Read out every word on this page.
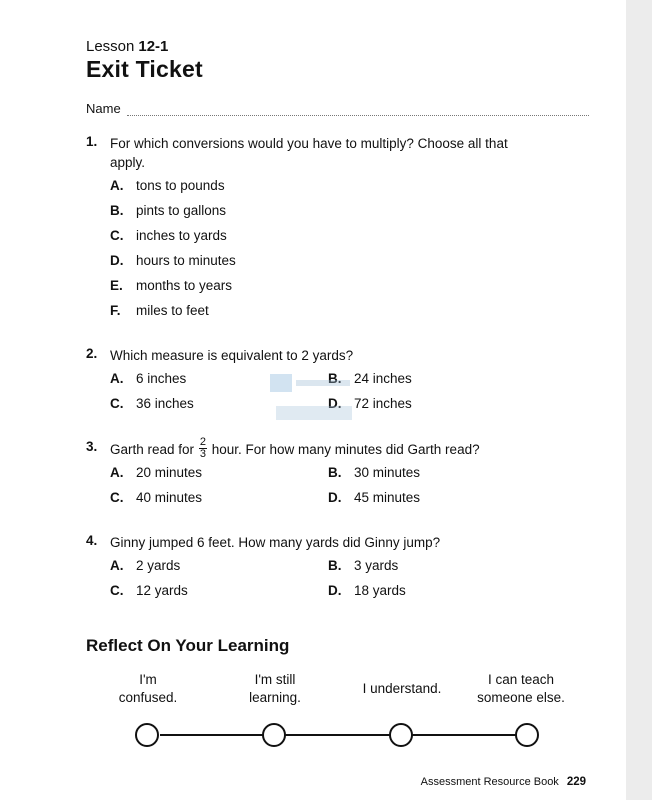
Lesson 12-1
Exit Ticket
Name
1. For which conversions would you have to multiply? Choose all that apply.
A. tons to pounds
B. pints to gallons
C. inches to yards
D. hours to minutes
E. months to years
F. miles to feet
2. Which measure is equivalent to 2 yards?
A. 6 inches	B. 24 inches
C. 36 inches	D. 72 inches
3. Garth read for $\frac{2}{3}$ hour. For how many minutes did Garth read?
A. 20 minutes	B. 30 minutes
C. 40 minutes	D. 45 minutes
4. Ginny jumped 6 feet. How many yards did Ginny jump?
A. 2 yards	B. 3 yards
C. 12 yards	D. 18 yards
Reflect On Your Learning
I'm
confused.
I'm still
learning.
I understand.
I can teach
someone else.
Assessment Resource Book 229
